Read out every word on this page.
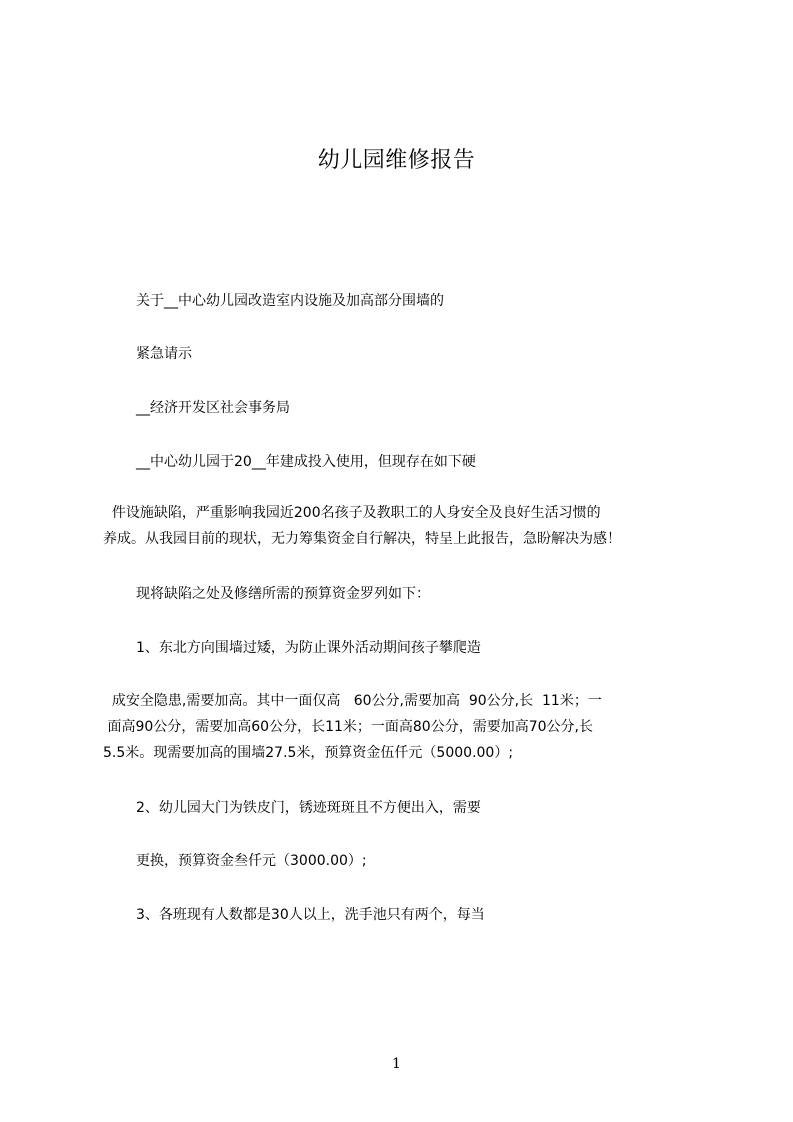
幼儿园维修报告
关于__中心幼儿园改造室内设施及加高部分围墙的
紧急请示
__经济开发区社会事务局
__中心幼儿园于20__年建成投入使用，但现存在如下硬
件设施缺陷，严重影响我园近200名孩子及教职工的人身安全及良好生活习惯的
养成。从我园目前的现状，无力筹集资金自行解决，特呈上此报告，急盼解决为感！
现将缺陷之处及修缮所需的预算资金罗列如下：
1、东北方向围墙过矮，为防止课外活动期间孩子攀爬造
成安全隐患,需要加高。其中一面仅高   60公分,需要加高  90公分,长  11米；一
面高90公分，需要加高60公分，长11米；一面高80公分，需要加高70公分,长
5.5米。现需要加高的围墙27.5米，预算资金伍仟元（5000.00）;
2、幼儿园大门为铁皮门，锈迹斑斑且不方便出入，需要
更换，预算资金叁仟元（3000.00）;
3、各班现有人数都是30人以上，洗手池只有两个，每当
1
